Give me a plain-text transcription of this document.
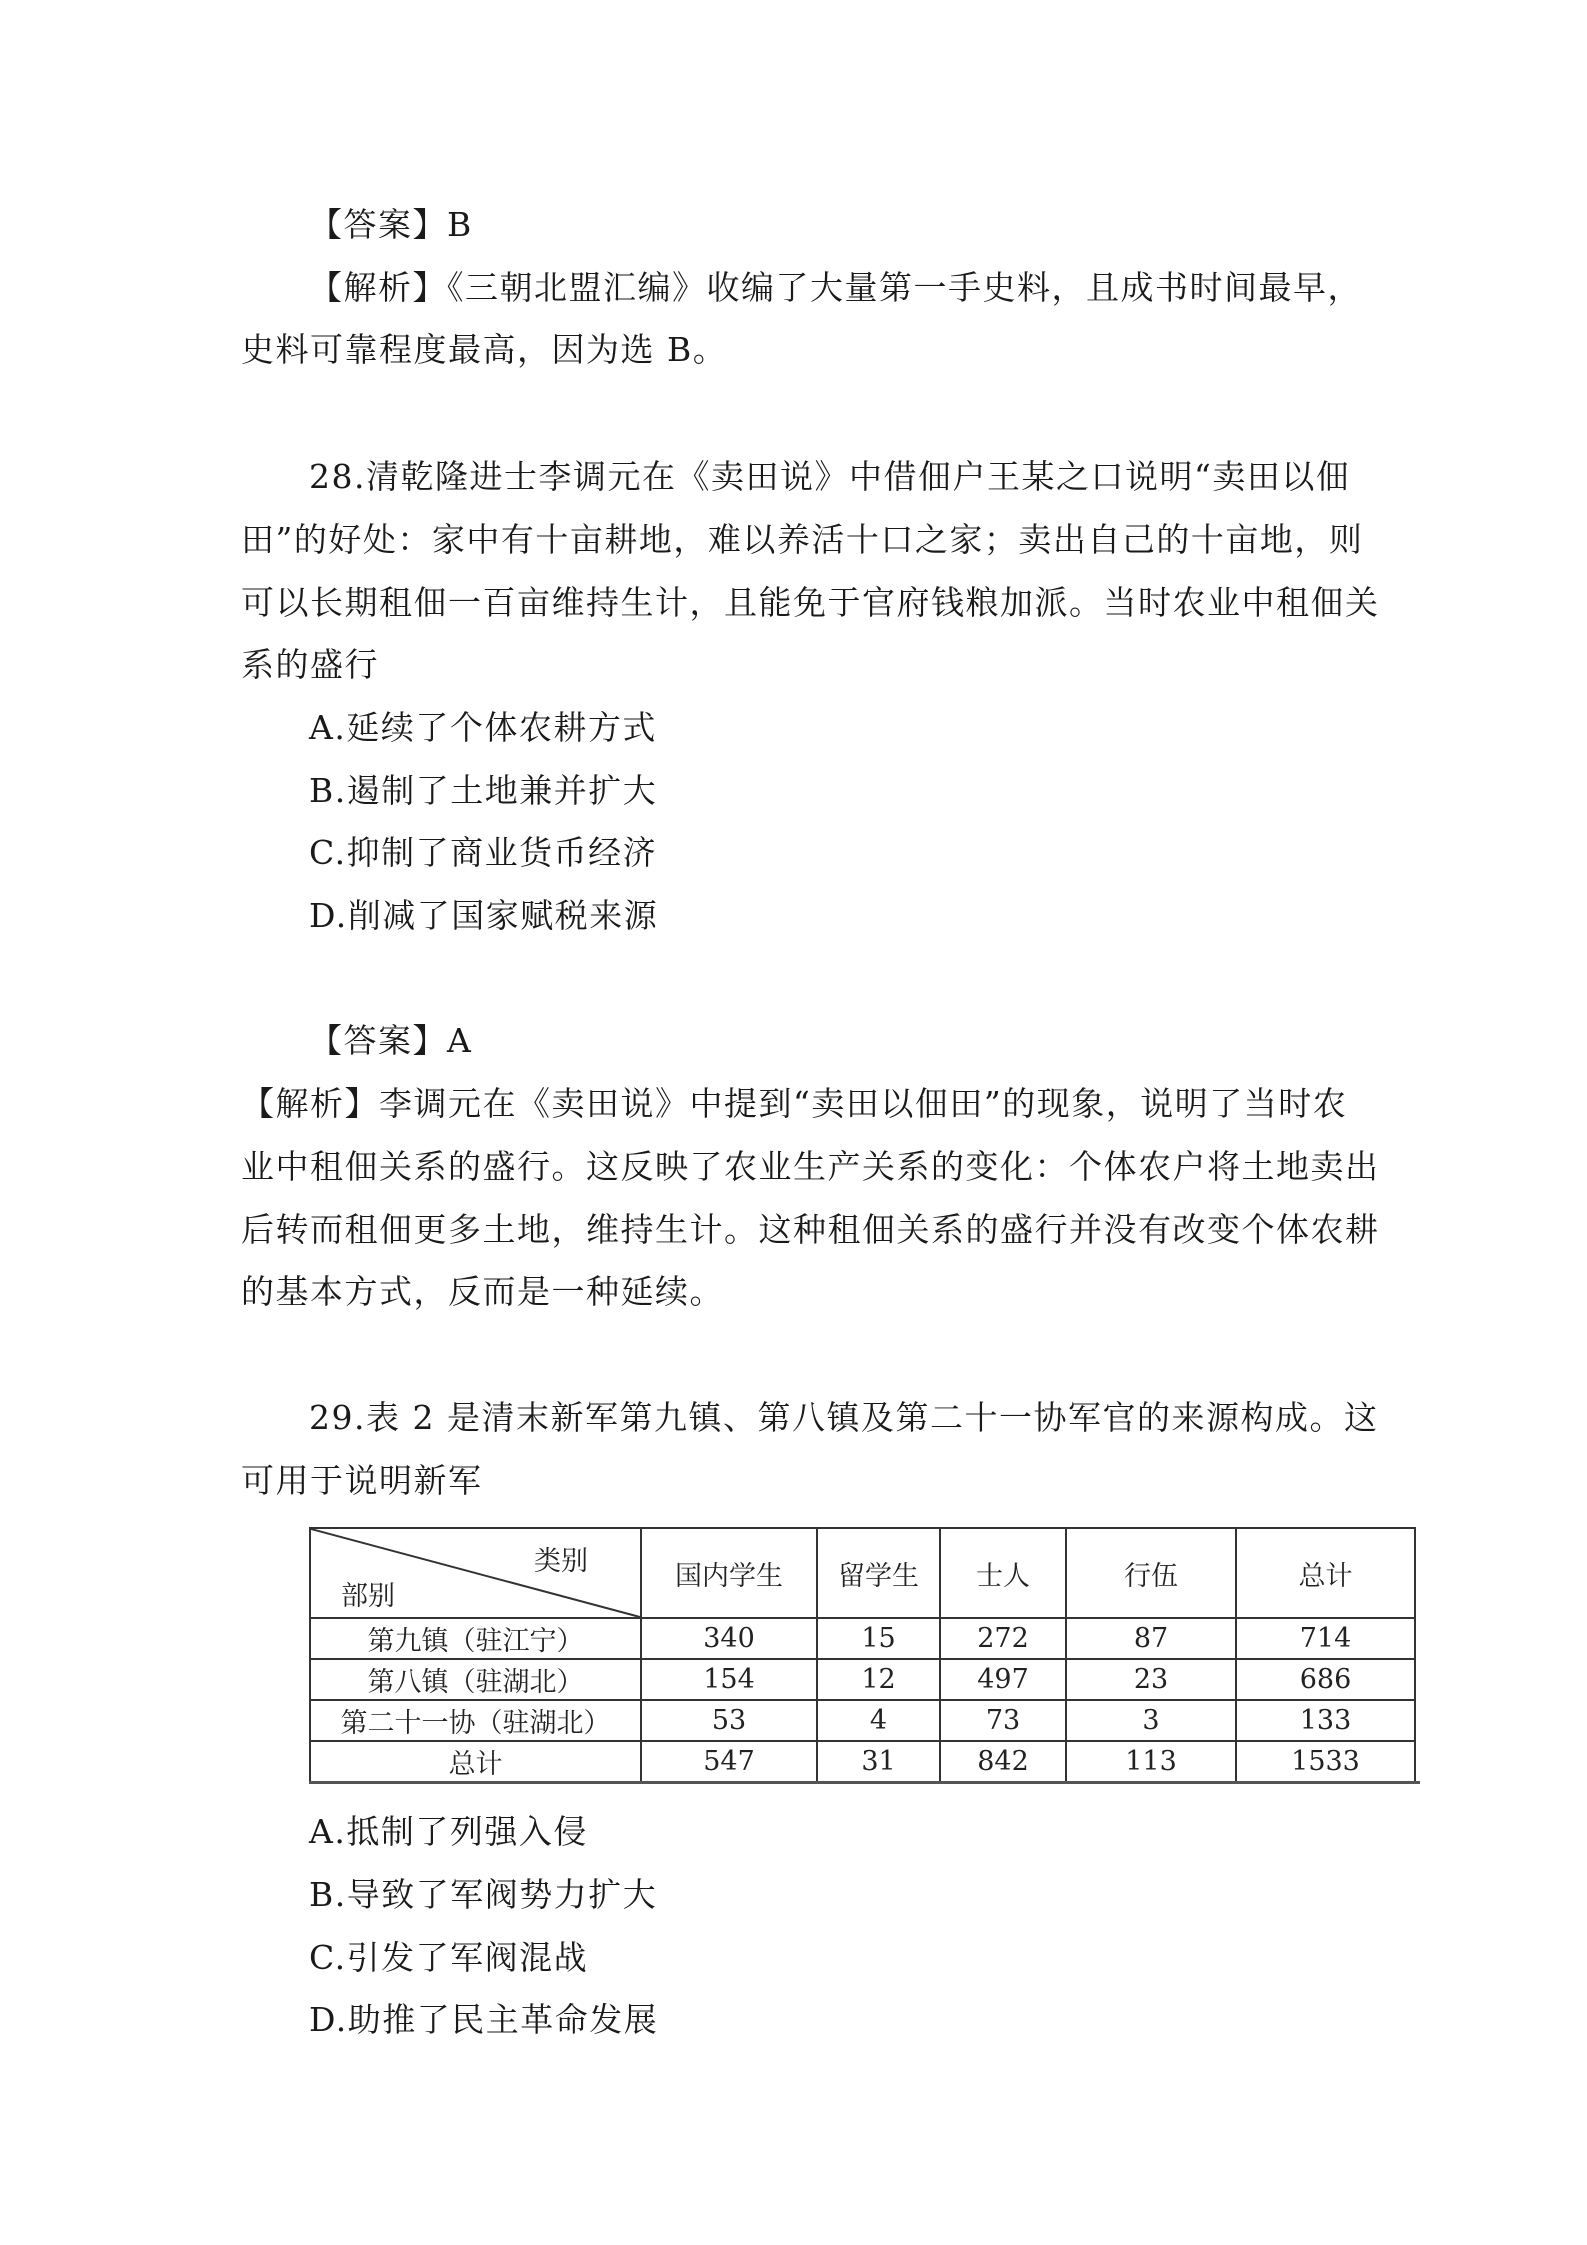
【答案】B
【解析】《三朝北盟汇编》收编了大量第一手史料，且成书时间最早，
史料可靠程度最高，因为选 B。
28.清乾隆进士李调元在《卖田说》中借佃户王某之口说明“卖田以佃
田”的好处：家中有十亩耕地，难以养活十口之家；卖出自己的十亩地，则
可以长期租佃一百亩维持生计，且能免于官府钱粮加派。当时农业中租佃关
系的盛行
A.延续了个体农耕方式
B.遏制了土地兼并扩大
C.抑制了商业货币经济
D.削减了国家赋税来源
【答案】A
【解析】李调元在《卖田说》中提到“卖田以佃田”的现象，说明了当时农
业中租佃关系的盛行。这反映了农业生产关系的变化：个体农户将土地卖出
后转而租佃更多土地，维持生计。这种租佃关系的盛行并没有改变个体农耕
的基本方式，反而是一种延续。
29.表 2 是清末新军第九镇、第八镇及第二十一协军官的来源构成。这
可用于说明新军
类别
部别	国内学生	留学生	士人	行伍	总计
第九镇（驻江宁）	340	15	272	87	714
第八镇（驻湖北）	154	12	497	23	686
第二十一协（驻湖北）	53	4	73	3	133
总计	547	31	842	113	1533
A.抵制了列强入侵
B.导致了军阀势力扩大
C.引发了军阀混战
D.助推了民主革命发展
